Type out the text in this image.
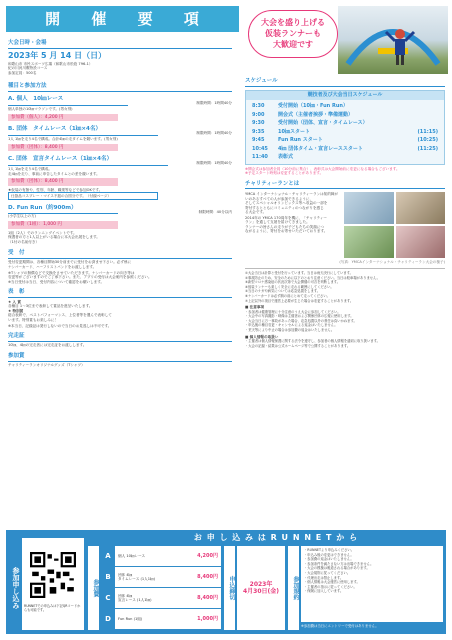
開 催 要 項	大会を盛り上げる
仮装ランナーも
大歓迎です
大会日時・会場
2023年 5 月 14 日（日）
和歌山市 市民スポーツ広場（和歌山市松島 796-1）
紀の川河川敷特設コース
参加定員：500名
種目と参加方法
A. 個人　10㎞レース
制限時間：1時間40分
個人単独の10㎞マラソンです。(男女別)
参加費（個人）：4,200 円
B. 団体　タイムレース（1㎞×4名）
制限時間：1時間40分
1人 1㎞を走り4名で構成。合計4㎞の走タイムを競います。(男女別)
参加費（団体）：8,400 円
C. 団体　宣言タイムレース（1㎞×4名）
制限時間：1時間40分
1人 1㎞を走り4名で構成。
走4㎞を走り、事前に申告したタイムとの差を競います。
参加費（団体）：8,400 円
★仮装の有無や、性別、年齢、職業等などで参加OKです。
仕掛品コスプレー・マイス不振の合図分です。（付録ページ）
D. Fun Run（約900m）
制限時間：40分以内
(小学生以上の方)
参加費（1組）：1,000 円
1組（2人）でのランニングイベントです。
保護者の方と1人以上がいる場合に本大会出展をします。
（1付の名前付き）
受　付
受付変更期間は、各種目開始30分前までに受付をお済ませ下さい。必ず係に
ナンバーカード、ハーフリストバンドをお渡しします。
※Tシャツの無償などで交換をさせていただきます。ナンバーカードの向き等は
変更等がございますのでご了承下さい。また、アプリの受付は大会案内を参照ください。
※当日受付は当日、受付内容について確認をお願いします。
表　彰
★ 入 賞
各種目 1～3位まで表彰して賞品を進呈いたします。
★ 特別賞
総合表彰で、ベストパフォーマンス、上位者等を選んで表彰して
います。特別賞もお楽しみに！
※本当日、記録証は発行しないので当日のお見逃しは不可です。
完走証
10㎞、4㎞の完走者には完走証をお渡しします。
参加賞
チャリティーランオリジナルグッズ（Tシャツ）
スケジュール
競技者及び大会当日スケジュール
8:30	受付開始（10㎞・Fun Run）
9:00	開会式（主催者挨拶・準備運動）
9:30	受付開始（団体、宣言・タイムレース）
9:35	10㎞スタート	(11:15)
9:45	Fun Run スタート	(10:25)
10:45	4㎞ 団体タイム・宣言レーススタート	(11:25)
11:40	表彰式
※開会式は参加者全員（10分前に集合）、表彰式は大会開始前に変更になる場合もございます。
※予定スタート時刻は変更することがあります。
チャリティーランとは
YMCA インターナショナル・チャリティーランは知的障がいのあるすべての人が参加できるように、
そしてスペシャルオリンピックス等へ収益の一部を
寄付するとともにコミュニティのつながりを感じ
る大会です。
2014年の YMCA 170周年を機に、「チャリティー
ラン」を通して支援を届けてきました。
ランナーの皆さんの走りが子どもたちの笑顔につ
ながるように、寄付をお寄せいただいております。
(写真：YMCAインターナショナル・チャリティーラン大会の様子)
①大会当日は計算と受付を行っています。当日は雨天決行にしています。
②事故防止のため、安全のために以下のとおり注意ください。当日は駐車場がありません。
③新型コロナ感染症の状況次第で大会開催の可否を判断します。
④仮装ランナーも楽しく安全に走れる範囲にしてください。
⑤当日のケガや病気については応急処置をします。
⑥ナンバーカードは必ず胸の前にとめて走ってください。
⑦上記以外の項目で運営上必要が生じた場合は変更することがあります。
■ 注意事項
・参加者は健康管理に十分注意のうえ大会に参加してください。
・大会中の写真撮影・映像は主催者および関係団体の広報に使用します。
・大会当日に万一事故があった場合、応急処置以外の責任は負いかねます。
・申込後の種目変更・キャンセルによる返金はいたしません。
・荒天等により中止の場合は参加費の返金はいたしません。
■ 個人情報の取扱い
・主催者は個人情報保護に関する法令を遵守し、参加者の個人情報を適切に取り扱います。
・大会の記録・結果は公式ホームページ等で公開することがあります。
お 申 し 込 み は R U N N E T か ら
参加申し込み RUNNETでの申込みは下記QRコードからも可能です。
参加費
A	個人 10㎞レース	4,200円
B	団体 4㎞
タイムレース (1人1㎞)	8,400円
C	団体 4㎞
宣言レース (1人1㎞)	8,400円
D	Fun Run (1組)	1,000円
申込締切	2023年
4月30日(金)	参加規約
・RUNNETより申込みください。
・申込み後の変更はできません。
・参加費の返金はいたしません。
・参加条件を満たさない方は出場できません。
・大会の模様は報道される場合があります。
・大会規則に従ってください。
・代理出走は禁止します。
・個人情報は大会運営に使用します。
・主催者の指示に従ってください。
・保険に加入しています。
※参加費は当日にエントリーで受付はありません。
